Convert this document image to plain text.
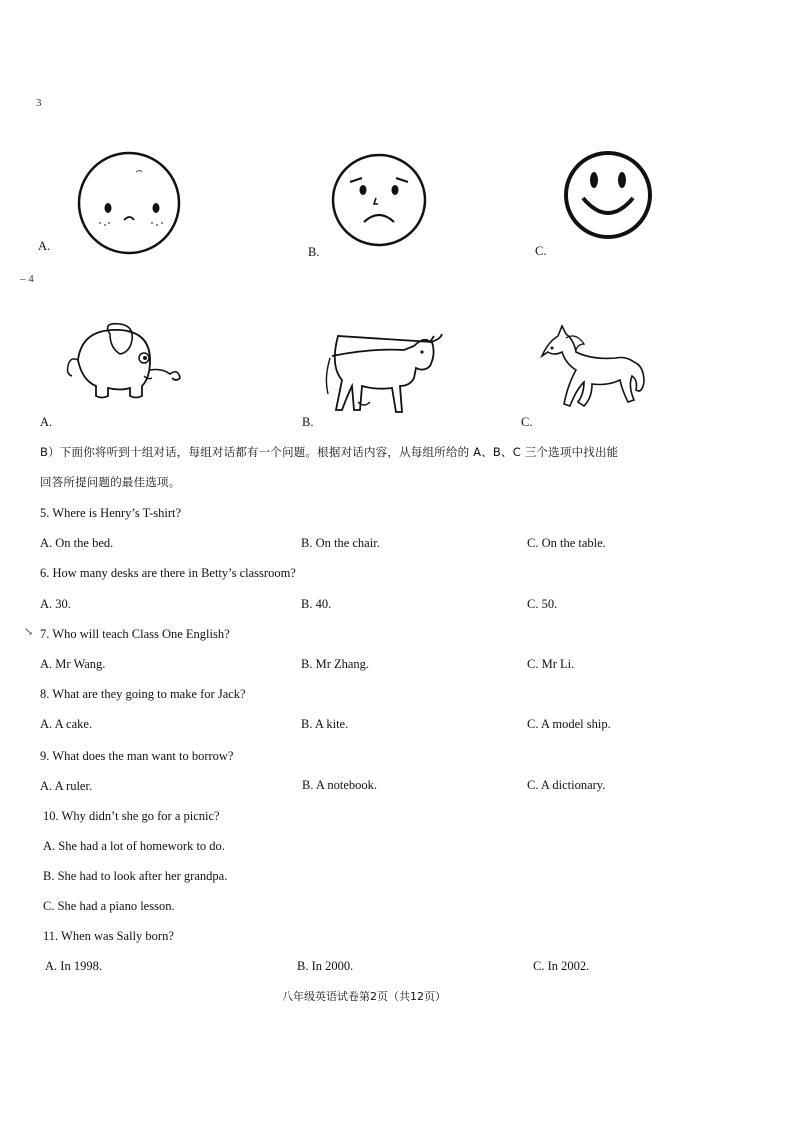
3
A.	B.	C.
– 4
A.	B.	C.
B）下面你将听到十组对话，每组对话都有一个问题。根据对话内容，从每组所给的 A、B、C 三个选项中找出能
回答所提问题的最佳选项。
5. Where is Henry’s T-shirt?
A. On the bed.	B. On the chair.	C. On the table.
6. How many desks are there in Betty’s classroom?
A. 30.	B. 40.	C. 50.
↘ 7. Who will teach Class One English?
A. Mr Wang.	B. Mr Zhang.	C. Mr Li.
8. What are they going to make for Jack?
A. A cake.	B. A kite.	C. A model ship.
9. What does the man want to borrow?
A. A ruler.	B. A notebook.	C. A dictionary.
10. Why didn’t she go for a picnic?
A. She had a lot of homework to do.
B. She had to look after her grandpa.
C. She had a piano lesson.
11. When was Sally born?
A. In 1998.	B. In 2000.	C. In 2002.
八年级英语试卷第2页（共12页）
